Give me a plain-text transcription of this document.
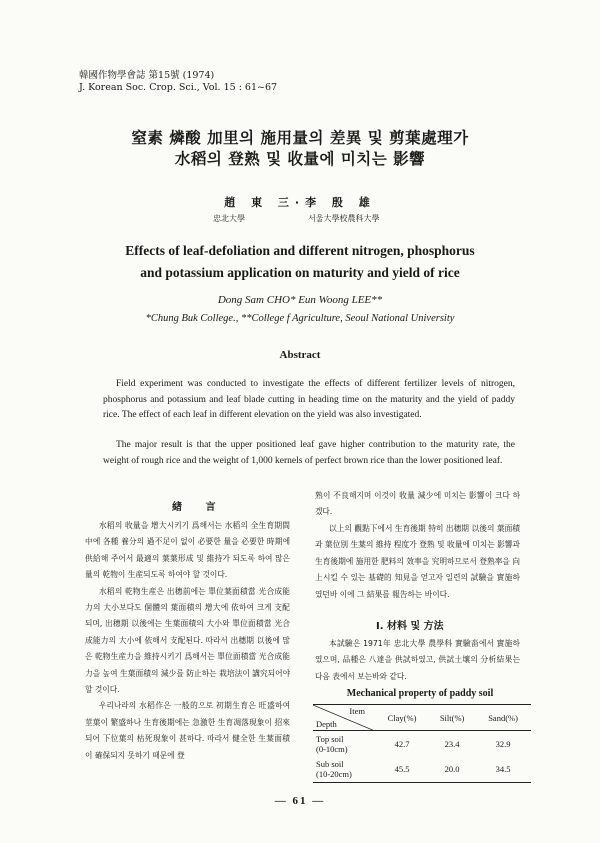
韓國作物學會誌 第15號 (1974)
J. Korean Soc. Crop. Sci., Vol. 15 : 61~67
窒素 燐酸 加里의 施用量의 差異 및 剪葉處理가
水稻의 登熟 및 收量에 미치는 影響
趙 東 三·李 殷 雄
忠北大學	서울大學校農科大學
Effects of leaf-defoliation and different nitrogen, phosphorus
and potassium application on maturity and yield of rice
Dong Sam CHO* Eun Woong LEE**
*Chung Buk College., **College f Agriculture, Seoul National University
Abstract
Field experiment was conducted to investigate the effects of different fertilizer levels of nitrogen, phosphorus and potassium and leaf blade cutting in heading time on the maturity and the yield of paddy rice. The effect of each leaf in different elevation on the yield was also investigated.
The major result is that the upper positioned leaf gave higher contribution to the maturity rate, the weight of rough rice and the weight of 1,000 kernels of perfect brown rice than the lower positioned leaf.
緖 言
水稻의 收量을 增大시키기 爲해서는 水稻의 全生育期間中에 各種 養分의 過不足이 없이 必要한 量을 必要한 時期에 供給해 주어서 最適의 葉葉形成 및 維持가 되도록 하여 많은 量의 乾物이 生産되도록 하여야 할 것이다.
水稻의 乾物生産은 出穗前에는 單位葉面積當 光合成能力의 大小보다도 個體의 葉面積의 增大에 依하여 크게 支配되며, 出穗期 以後에는 生葉面積의 大小와 單位面積當 光合成能力의 大小에 依해서 支配된다. 따라서 出穗期 以後에 많은 乾物生産力을 維持시키기 爲해서는 單位面積當 光合成能力을 높여 生葉面積의 減少를 防止하는 栽培法이 講究되어야 할 것이다.
우리나라의 水稻作은 一般的으로 初期生育은 旺盛하여 莖葉이 繁盛하나 生育後期에는 急激한 生育凋落現象이 招來되어 下位葉의 枯死現象이 甚하다. 따라서 健全한 生葉面積이 確保되지 못하기 때문에 登
熟이 不良해지며 이것이 收量 減少에 미치는 影響이 크다 하겠다.
以上의 觀點下에서 生育後期 特히 出穗期 以後의 葉面積과 葉位別 生葉의 維持 程度가 登熟 및 收量에 미치는 影響과 生育後期에 施用한 肥料의 效率을 究明하므로서 登熟率을 向上시킬 수 있는 基礎的 知見을 얻고자 일련의 試驗을 實施하였던바 이에 그 結果를 報告하는 바이다.
I. 材料 및 方法
本試驗은 1971年 忠北大學 農學科 實驗畓에서 實施하였으며, 品種은 八達을 供試하였고, 供試土壤의 分析結果는 다음 表에서 보는바와 같다.
Mechanical property of paddy soil
Item
Depth	Clay(%)	Silt(%)	Sand(%)

Top soil
(0-10cm)	42.7	23.4	32.9

Sub soil
(10-20cm)	45.5	20.0	34.5
— 61 —
